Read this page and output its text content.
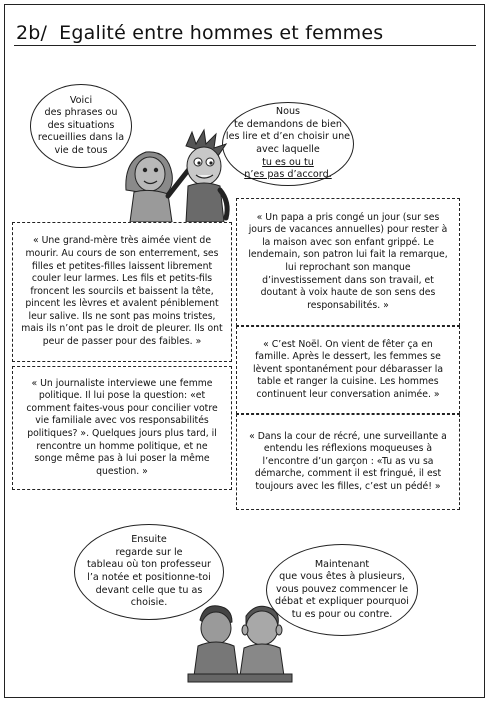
2b/ Egalité entre hommes et femmes
Voici
des phrases ou
des situations
recueillies dans la
vie de tous
Nous
te demandons de bien
les lire et d’en choisir une
avec laquelle
tu es ou tu
n’es pas d’accord.
« Une grand-mère très aimée vient de mourir. Au cours de son enterrement, ses filles et petites-filles laissent librement couler leur larmes. Les fils et petits-fils froncent les sourcils et baissent la tête, pincent les lèvres et avalent péniblement leur salive. Ils ne sont pas moins tristes, mais ils n’ont pas le droit de pleurer. Ils ont peur de passer pour des faibles. »
« Un papa a pris congé un jour (sur ses jours de vacances annuelles) pour rester à la maison avec son enfant grippé. Le lendemain, son patron lui fait la remarque, lui reprochant son manque d’investissement dans son travail, et doutant à voix haute de son sens des responsabilités. »
« C’est Noël. On vient de fêter ça en famille. Après le dessert, les femmes se lèvent spontanément pour débarasser la table et ranger la cuisine. Les hommes continuent leur conversation animée. »
« Un journaliste interviewe une femme politique. Il lui pose la question: «et comment faites-vous pour concilier votre vie familiale avec vos responsabilités politiques? ». Quelques jours plus tard, il rencontre un homme politique, et ne songe même pas à lui poser la même question. »
« Dans la cour de récré, une surveillante a entendu les réflexions moqueuses à l’encontre d’un garçon : «Tu as vu sa démarche, comment il est fringué, il est toujours avec les filles, c’est un pédé! »
Ensuite
regarde sur le
tableau où ton professeur
l’a notée et positionne-toi
devant celle que tu as
choisie.
Maintenant
que vous êtes à plusieurs,
vous pouvez commencer le
débat et expliquer pourquoi
tu es pour ou contre.
